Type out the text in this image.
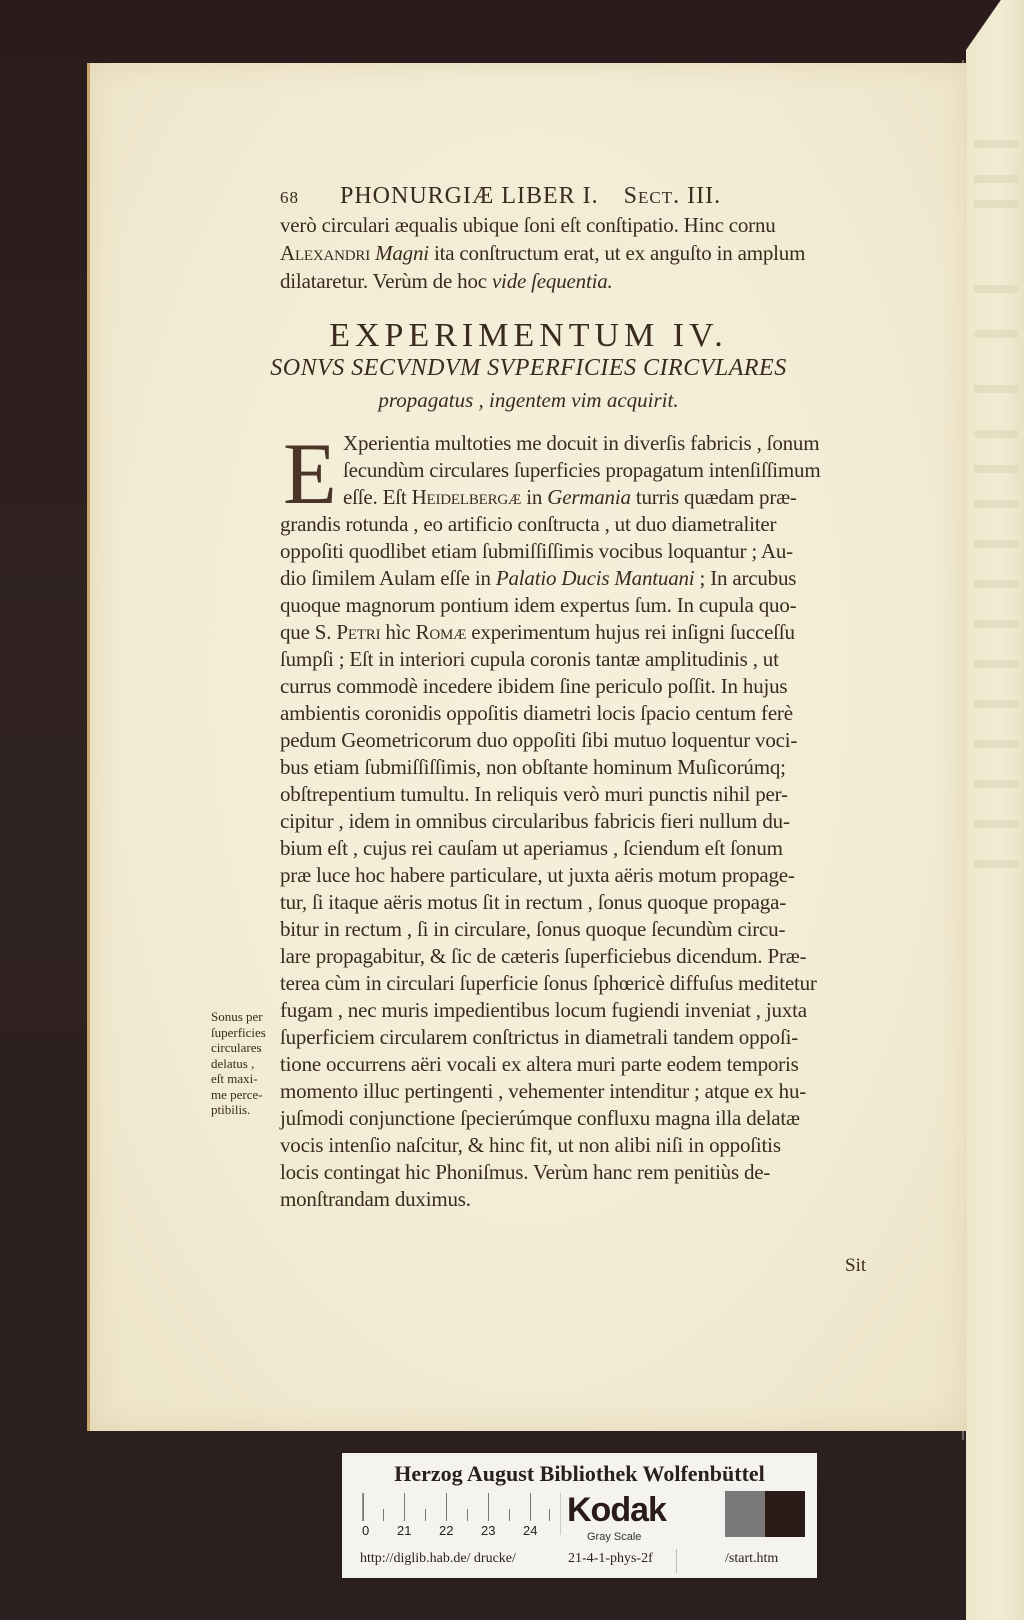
68 PHONURGIÆ LIBER I. Sect. III.
verò circulari æqualis ubique ſoni eſt conſtipatio. Hinc cornu
Alexandri Magni ita conſtructum erat, ut ex anguſto in amplum
dilataretur. Verùm de hoc vide ſequentia.
EXPERIMENTUM IV.
SONVS SECVNDVM SVPERFICIES CIRCVLARES
propagatus , ingentem vim acquirit.
E Xperientia multoties me docuit in diverſis fabricis , ſonum
ſecundùm circulares ſuperficies propagatum intenſiſſimum
eſſe. Eſt Heidelbergæ in Germania turris quædam præ-
grandis rotunda , eo artificio conſtructa , ut duo diametraliter
oppoſiti quodlibet etiam ſubmiſſiſſimis vocibus loquantur ; Au-
dio ſimilem Aulam eſſe in Palatio Ducis Mantuani ; In arcubus
quoque magnorum pontium idem expertus ſum. In cupula quo-
que S. Petri hìc Romæ experimentum hujus rei inſigni ſucceſſu
ſumpſi ; Eſt in interiori cupula coronis tantæ amplitudinis , ut
currus commodè incedere ibidem ſine periculo poſſit. In hujus
ambientis coronidis oppoſitis diametri locis ſpacio centum ferè
pedum Geometricorum duo oppoſiti ſibi mutuo loquentur voci-
bus etiam ſubmiſſiſſimis, non obſtante hominum Muſicorúmq;
obſtrepentium tumultu. In reliquis verò muri punctis nihil per-
cipitur , idem in omnibus circularibus fabricis fieri nullum du-
bium eſt , cujus rei cauſam ut aperiamus , ſciendum eſt ſonum
præ luce hoc habere particulare, ut juxta aëris motum propage-
tur, ſi itaque aëris motus ſit in rectum , ſonus quoque propaga-
bitur in rectum , ſi in circulare, ſonus quoque ſecundùm circu-
lare propagabitur, & ſic de cæteris ſuperficiebus dicendum. Præ-
terea cùm in circulari ſuperficie ſonus ſphœricè diffuſus meditetur
fugam , nec muris impedientibus locum fugiendi inveniat , juxta
ſuperficiem circularem conſtrictus in diametrali tandem oppoſi-
tione occurrens aëri vocali ex altera muri parte eodem temporis
momento illuc pertingenti , vehementer intenditur ; atque ex hu-
juſmodi conjunctione ſpecierúmque confluxu magna illa delatæ
vocis intenſio naſcitur, & hinc fit, ut non alibi niſi in oppoſitis
locis contingat hic Phoniſmus. Verùm hanc rem penitiùs de-
monſtrandam duximus.
Sonus per
ſuperficies
circulares
delatus ,
eſt maxi-
me perce-
ptibilis.
Sit
Herzog August Bibliothek Wolfenbüttel
0 21 22 23 24
Kodak
Gray Scale
http://diglib.hab.de/ drucke/	21-4-1-phys-2f	/start.htm
